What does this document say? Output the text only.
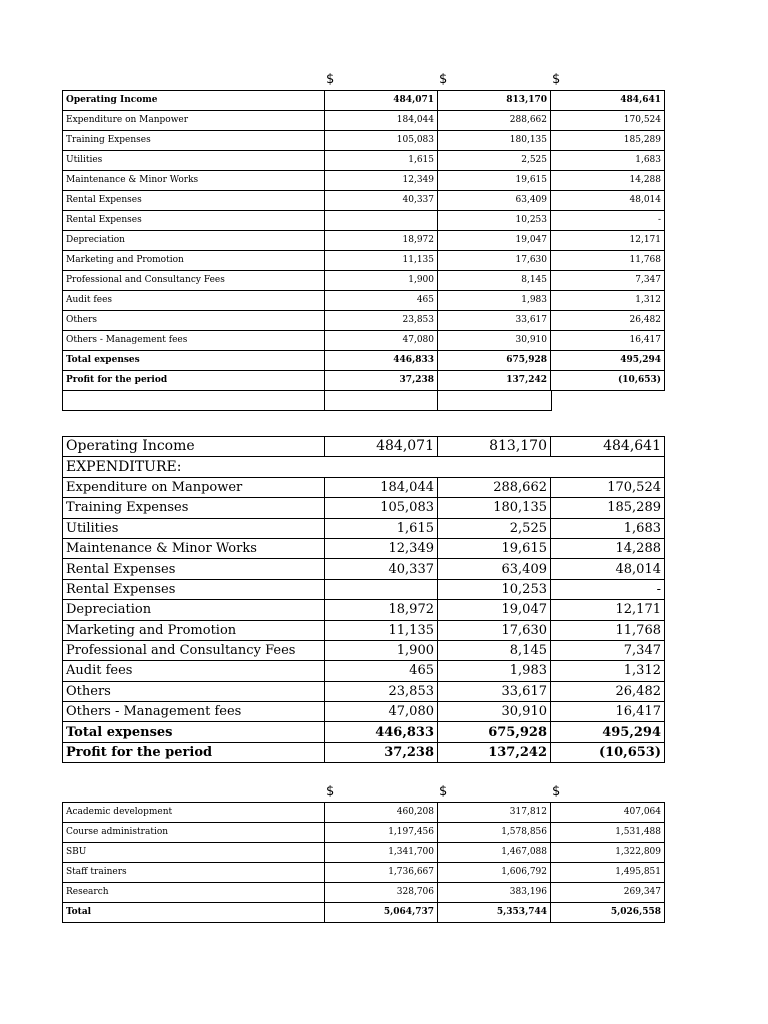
$	$	$
Operating Income	484,071	813,170	484,641
Expenditure on Manpower	184,044	288,662	170,524
Training Expenses	105,083	180,135	185,289
Utilities	1,615	2,525	1,683
Maintenance & Minor Works	12,349	19,615	14,288
Rental Expenses	40,337	63,409	48,014
Rental Expenses		10,253	-
Depreciation	18,972	19,047	12,171
Marketing and Promotion	11,135	17,630	11,768
Professional and Consultancy Fees	1,900	8,145	7,347
Audit fees	465	1,983	1,312
Others	23,853	33,617	26,482
Others - Management fees	47,080	30,910	16,417
Total expenses	446,833	675,928	495,294
Profit for the period	37,238	137,242	(10,653)

Operating Income	484,071	813,170	484,641
EXPENDITURE:			
Expenditure on Manpower	184,044	288,662	170,524
Training Expenses	105,083	180,135	185,289
Utilities	1,615	2,525	1,683
Maintenance & Minor Works	12,349	19,615	14,288
Rental Expenses	40,337	63,409	48,014
Rental Expenses		10,253	-
Depreciation	18,972	19,047	12,171
Marketing and Promotion	11,135	17,630	11,768
Professional and Consultancy Fees	1,900	8,145	7,347
Audit fees	465	1,983	1,312
Others	23,853	33,617	26,482
Others - Management fees	47,080	30,910	16,417
Total expenses	446,833	675,928	495,294
Profit for the period	37,238	137,242	(10,653)
$	$	$
Academic development	460,208	317,812	407,064
Course administration	1,197,456	1,578,856	1,531,488
SBU	1,341,700	1,467,088	1,322,809
Staff trainers	1,736,667	1,606,792	1,495,851
Research	328,706	383,196	269,347
Total	5,064,737	5,353,744	5,026,558
